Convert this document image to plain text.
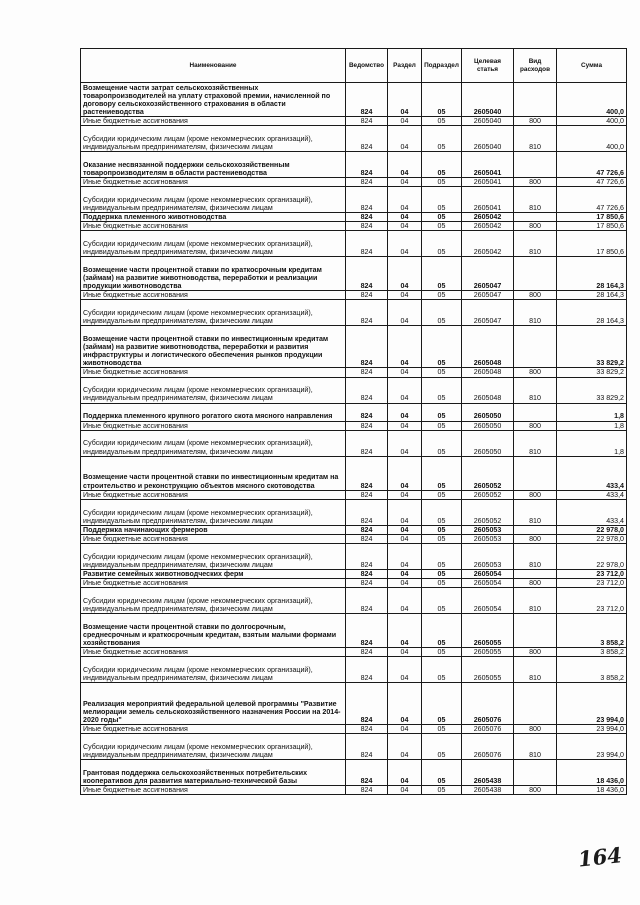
Наименование	Ведомство	Раздел	Подраздел	Целевая статья	Вид расходов	Сумма
Возмещение части затрат сельскохозяйственных товаропроизводителей на уплату страховой премии, начисленной по договору сельскохозяйственного страхования в области растениеводства	824	04	05	2605040		400,0
Иные бюджетные ассигнования	824	04	05	2605040	800	400,0
Субсидии юридическим лицам (кроме некоммерческих организаций), индивидуальным предпринимателям, физическим лицам	824	04	05	2605040	810	400,0
Оказание несвязанной поддержки сельскохозяйственным товаропроизводителям в области растениеводства	824	04	05	2605041		47 726,6
Иные бюджетные ассигнования	824	04	05	2605041	800	47 726,6
Субсидии юридическим лицам (кроме некоммерческих организаций), индивидуальным предпринимателям, физическим лицам	824	04	05	2605041	810	47 726,6
Поддержка племенного животноводства	824	04	05	2605042		17 850,6
Иные бюджетные ассигнования	824	04	05	2605042	800	17 850,6
Субсидии юридическим лицам (кроме некоммерческих организаций), индивидуальным предпринимателям, физическим лицам	824	04	05	2605042	810	17 850,6
Возмещение части процентной ставки по краткосрочным кредитам (займам) на развитие животноводства, переработки и реализации продукции животноводства	824	04	05	2605047		28 164,3
Иные бюджетные ассигнования	824	04	05	2605047	800	28 164,3
Субсидии юридическим лицам (кроме некоммерческих организаций), индивидуальным предпринимателям, физическим лицам	824	04	05	2605047	810	28 164,3
Возмещение части процентной ставки по инвестиционным кредитам (займам) на развитие животноводства, переработки и развития инфраструктуры и логистического обеспечения рынков продукции животноводства	824	04	05	2605048		33 829,2
Иные бюджетные ассигнования	824	04	05	2605048	800	33 829,2
Субсидии юридическим лицам (кроме некоммерческих организаций), индивидуальным предпринимателям, физическим лицам	824	04	05	2605048	810	33 829,2
Поддержка племенного крупного рогатого скота мясного направления	824	04	05	2605050		1,8
Иные бюджетные ассигнования	824	04	05	2605050	800	1,8
Субсидии юридическим лицам (кроме некоммерческих организаций), индивидуальным предпринимателям, физическим лицам	824	04	05	2605050	810	1,8
Возмещение части процентной ставки по инвестиционным кредитам на строительство и реконструкцию объектов мясного скотоводства	824	04	05	2605052		433,4
Иные бюджетные ассигнования	824	04	05	2605052	800	433,4
Субсидии юридическим лицам (кроме некоммерческих организаций), индивидуальным предпринимателям, физическим лицам	824	04	05	2605052	810	433,4
Поддержка начинающих фермеров	824	04	05	2605053		22 978,0
Иные бюджетные ассигнования	824	04	05	2605053	800	22 978,0
Субсидии юридическим лицам (кроме некоммерческих организаций), индивидуальным предпринимателям, физическим лицам	824	04	05	2605053	810	22 978,0
Развитие семейных животноводческих ферм	824	04	05	2605054		23 712,0
Иные бюджетные ассигнования	824	04	05	2605054	800	23 712,0
Субсидии юридическим лицам (кроме некоммерческих организаций), индивидуальным предпринимателям, физическим лицам	824	04	05	2605054	810	23 712,0
Возмещение части процентной ставки по долгосрочным, среднесрочным и краткосрочным кредитам, взятым малыми формами хозяйствования	824	04	05	2605055		3 858,2
Иные бюджетные ассигнования	824	04	05	2605055	800	3 858,2
Субсидии юридическим лицам (кроме некоммерческих организаций), индивидуальным предпринимателям, физическим лицам	824	04	05	2605055	810	3 858,2
Реализация мероприятий федеральной целевой программы "Развитие мелиорации земель сельскохозяйственного назначения России на 2014-2020 годы"	824	04	05	2605076		23 994,0
Иные бюджетные ассигнования	824	04	05	2605076	800	23 994,0
Субсидии юридическим лицам (кроме некоммерческих организаций), индивидуальным предпринимателям, физическим лицам	824	04	05	2605076	810	23 994,0
Грантовая поддержка сельскохозяйственных потребительских кооперативов для развития материально-технической базы	824	04	05	2605438		18 436,0
Иные бюджетные ассигнования	824	04	05	2605438	800	18 436,0
164
